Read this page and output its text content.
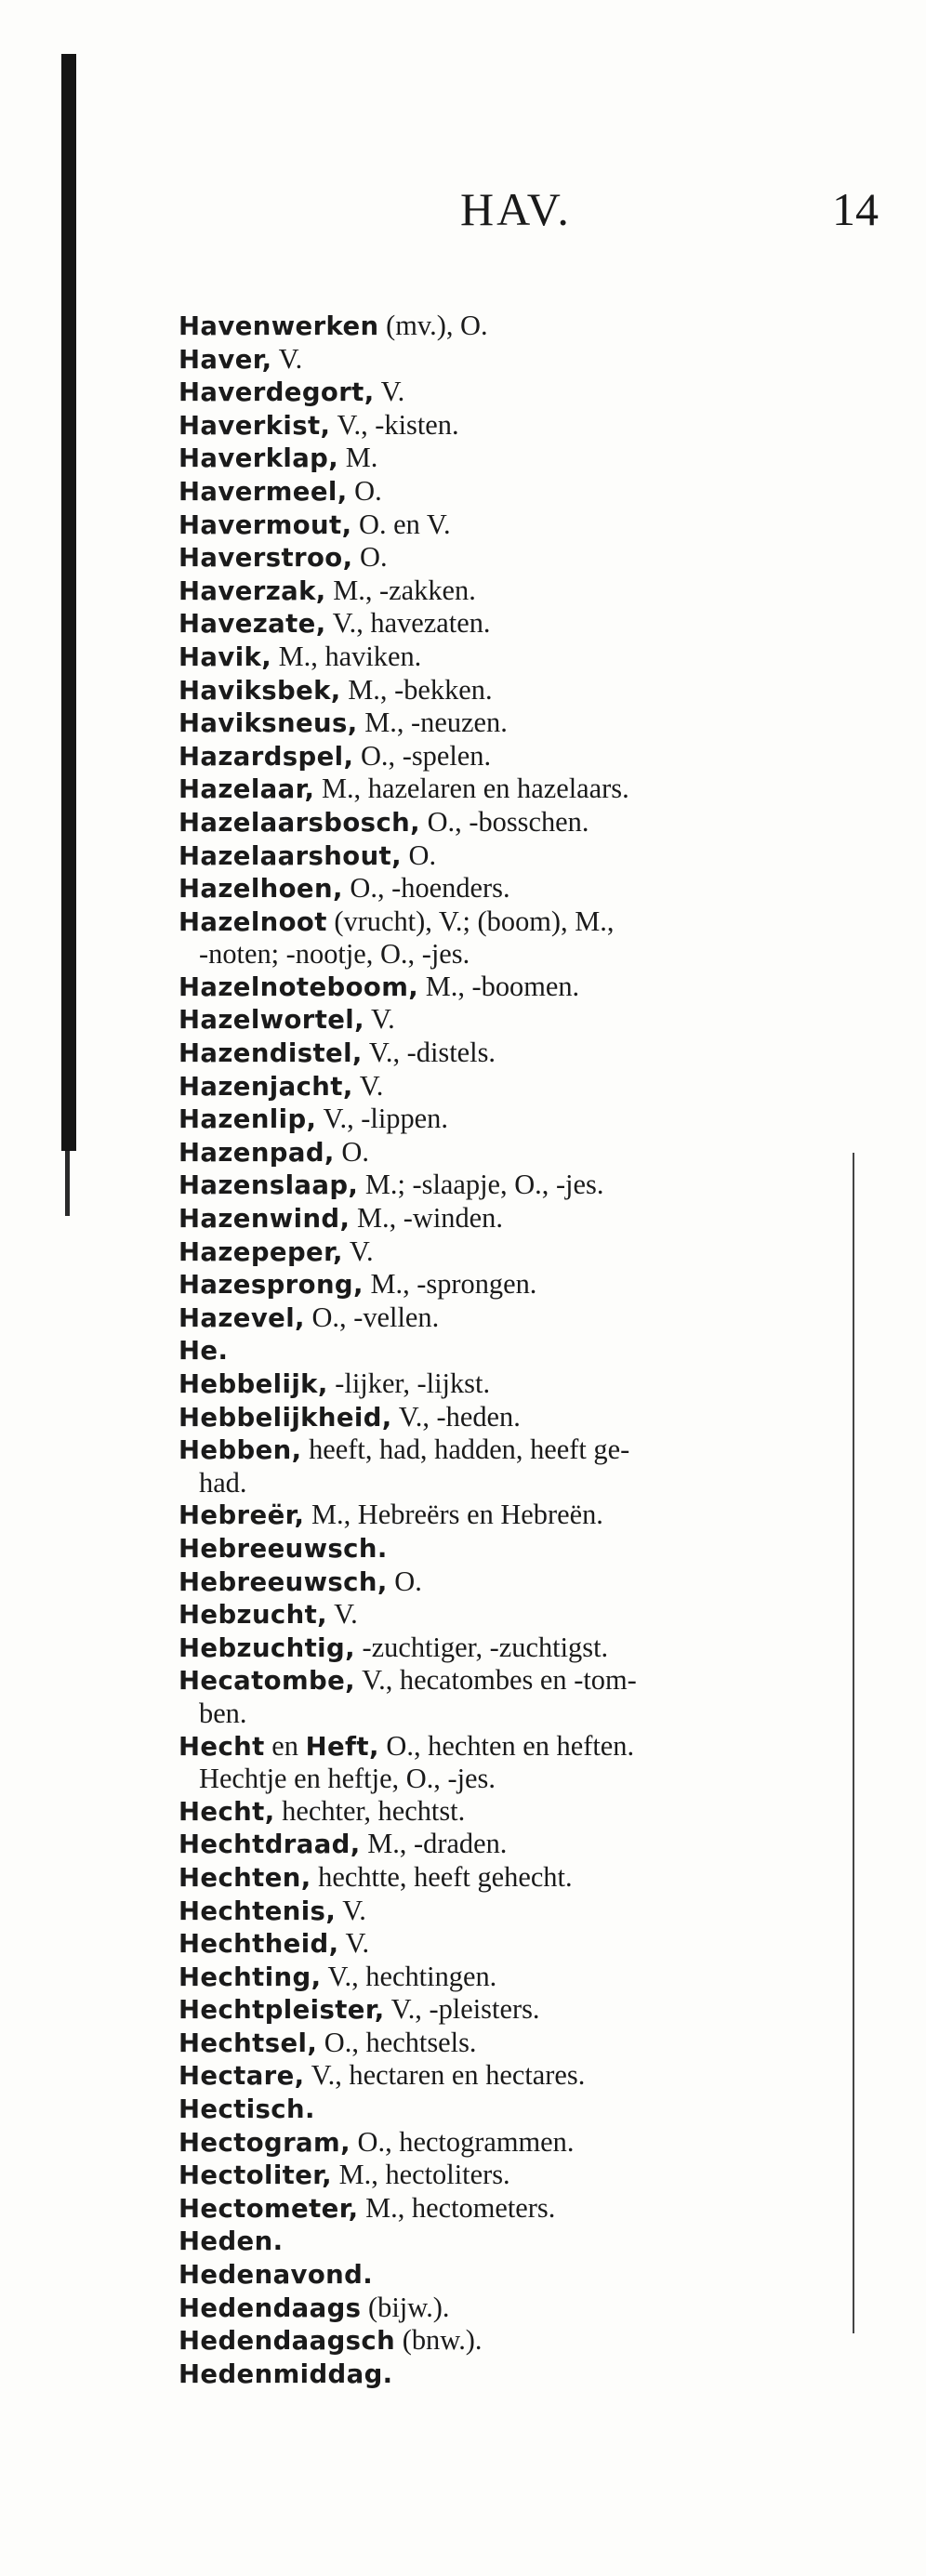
HAV.	14
Havenwerken (mv.), O.
Haver, V.
Haverdegort, V.
Haverkist, V., -kisten.
Haverklap, M.
Havermeel, O.
Havermout, O. en V.
Haverstroo, O.
Haverzak, M., -zakken.
Havezate, V., havezaten.
Havik, M., haviken.
Haviksbek, M., -bekken.
Haviksneus, M., -neuzen.
Hazardspel, O., -spelen.
Hazelaar, M., hazelaren en hazelaars.
Hazelaarsbosch, O., -bosschen.
Hazelaarshout, O.
Hazelhoen, O., -hoenders.
Hazelnoot (vrucht), V.; (boom), M.,
-noten; -nootje, O., -jes.
Hazelnoteboom, M., -boomen.
Hazelwortel, V.
Hazendistel, V., -distels.
Hazenjacht, V.
Hazenlip, V., -lippen.
Hazenpad, O.
Hazenslaap, M.; -slaapje, O., -jes.
Hazenwind, M., -winden.
Hazepeper, V.
Hazesprong, M., -sprongen.
Hazevel, O., -vellen.
He.
Hebbelijk, -lijker, -lijkst.
Hebbelijkheid, V., -heden.
Hebben, heeft, had, hadden, heeft ge-
had.
Hebreër, M., Hebreërs en Hebreën.
Hebreeuwsch.
Hebreeuwsch, O.
Hebzucht, V.
Hebzuchtig, -zuchtiger, -zuchtigst.
Hecatombe, V., hecatombes en -tom-
ben.
Hecht en Heft, O., hechten en heften.
Hechtje en heftje, O., -jes.
Hecht, hechter, hechtst.
Hechtdraad, M., -draden.
Hechten, hechtte, heeft gehecht.
Hechtenis, V.
Hechtheid, V.
Hechting, V., hechtingen.
Hechtpleister, V., -pleisters.
Hechtsel, O., hechtsels.
Hectare, V., hectaren en hectares.
Hectisch.
Hectogram, O., hectogrammen.
Hectoliter, M., hectoliters.
Hectometer, M., hectometers.
Heden.
Hedenavond.
Hedendaags (bijw.).
Hedendaagsch (bnw.).
Hedenmiddag.
